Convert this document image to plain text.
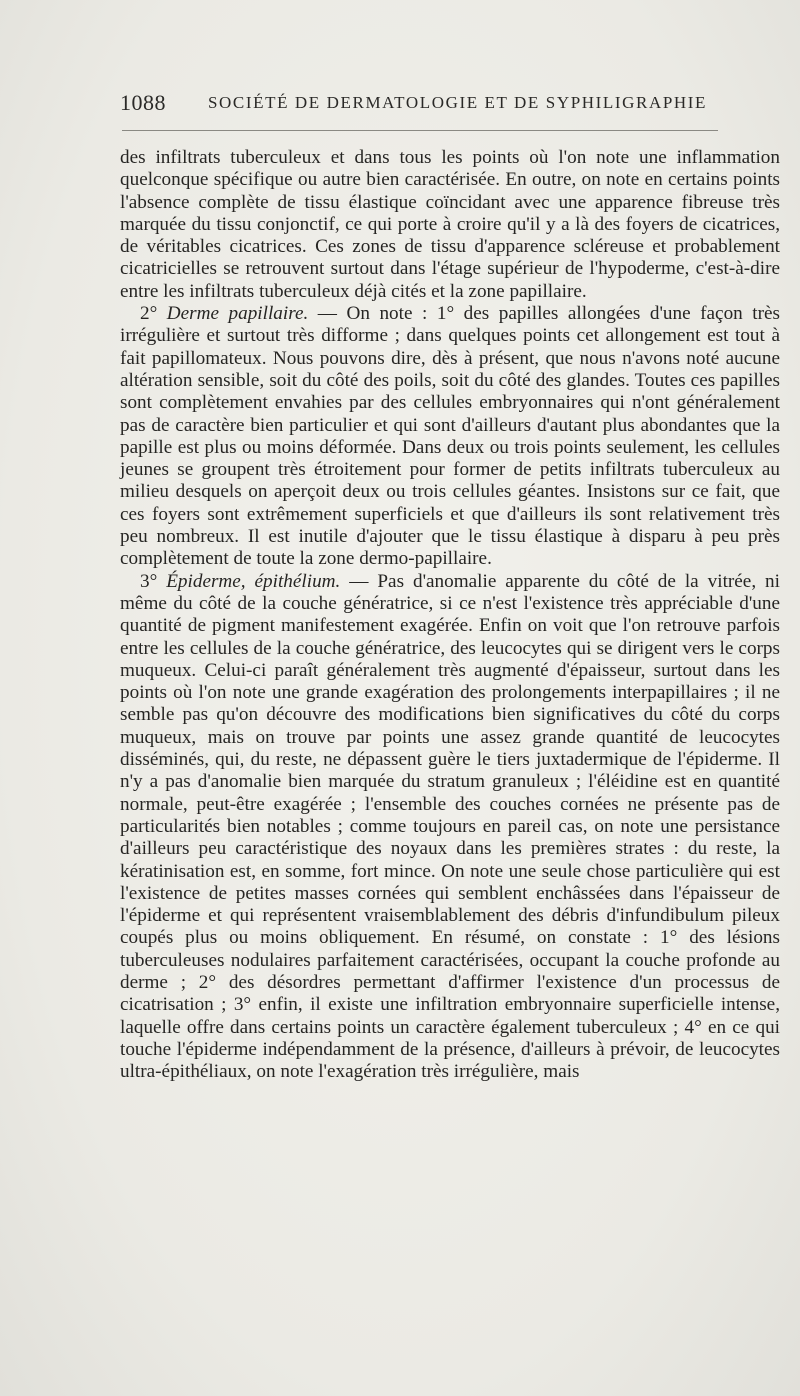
1088 SOCIÉTÉ DE DERMATOLOGIE ET DE SYPHILIGRAPHIE

des infiltrats tuberculeux et dans tous les points où l'on note une inflammation quelconque spécifique ou autre bien caractérisée. En outre, on note en certains points l'absence complète de tissu élastique coïncidant avec une apparence fibreuse très marquée du tissu conjonctif, ce qui porte à croire qu'il y a là des foyers de cicatrices, de véritables cicatrices. Ces zones de tissu d'apparence scléreuse et probablement cicatricielles se retrouvent surtout dans l'étage supérieur de l'hypoderme, c'est-à-dire entre les infiltrats tuberculeux déjà cités et la zone papillaire.

2° Derme papillaire. — On note : 1° des papilles allongées d'une façon très irrégulière et surtout très difforme ; dans quelques points cet allongement est tout à fait papillomateux. Nous pouvons dire, dès à présent, que nous n'avons noté aucune altération sensible, soit du côté des poils, soit du côté des glandes. Toutes ces papilles sont complètement envahies par des cellules embryonnaires qui n'ont généralement pas de caractère bien particulier et qui sont d'ailleurs d'autant plus abondantes que la papille est plus ou moins déformée. Dans deux ou trois points seulement, les cellules jeunes se groupent très étroitement pour former de petits infiltrats tuberculeux au milieu desquels on aperçoit deux ou trois cellules géantes. Insistons sur ce fait, que ces foyers sont extrêmement superficiels et que d'ailleurs ils sont relativement très peu nombreux. Il est inutile d'ajouter que le tissu élastique à disparu à peu près complètement de toute la zone dermo-papillaire.

3° Épiderme, épithélium. — Pas d'anomalie apparente du côté de la vitrée, ni même du côté de la couche génératrice, si ce n'est l'existence très appréciable d'une quantité de pigment manifestement exagérée. Enfin on voit que l'on retrouve parfois entre les cellules de la couche génératrice, des leucocytes qui se dirigent vers le corps muqueux. Celui-ci paraît généralement très augmenté d'épaisseur, surtout dans les points où l'on note une grande exagération des prolongements interpapillaires ; il ne semble pas qu'on découvre des modifications bien significatives du côté du corps muqueux, mais on trouve par points une assez grande quantité de leucocytes disséminés, qui, du reste, ne dépassent guère le tiers juxtadermique de l'épiderme. Il n'y a pas d'anomalie bien marquée du stratum granuleux ; l'éléidine est en quantité normale, peut-être exagérée ; l'ensemble des couches cornées ne présente pas de particularités bien notables ; comme toujours en pareil cas, on note une persistance d'ailleurs peu caractéristique des noyaux dans les premières strates : du reste, la kératinisation est, en somme, fort mince. On note une seule chose particulière qui est l'existence de petites masses cornées qui semblent enchâssées dans l'épaisseur de l'épiderme et qui représentent vraisemblablement des débris d'infundibulum pileux coupés plus ou moins obliquement. En résumé, on constate : 1° des lésions tuberculeuses nodulaires parfaitement caractérisées, occupant la couche profonde au derme ; 2° des désordres permettant d'affirmer l'existence d'un processus de cicatrisation ; 3° enfin, il existe une infiltration embryonnaire superficielle intense, laquelle offre dans certains points un caractère également tuberculeux ; 4° en ce qui touche l'épiderme indépendamment de la présence, d'ailleurs à prévoir, de leucocytes ultra-épithéliaux, on note l'exagération très irrégulière, mais
